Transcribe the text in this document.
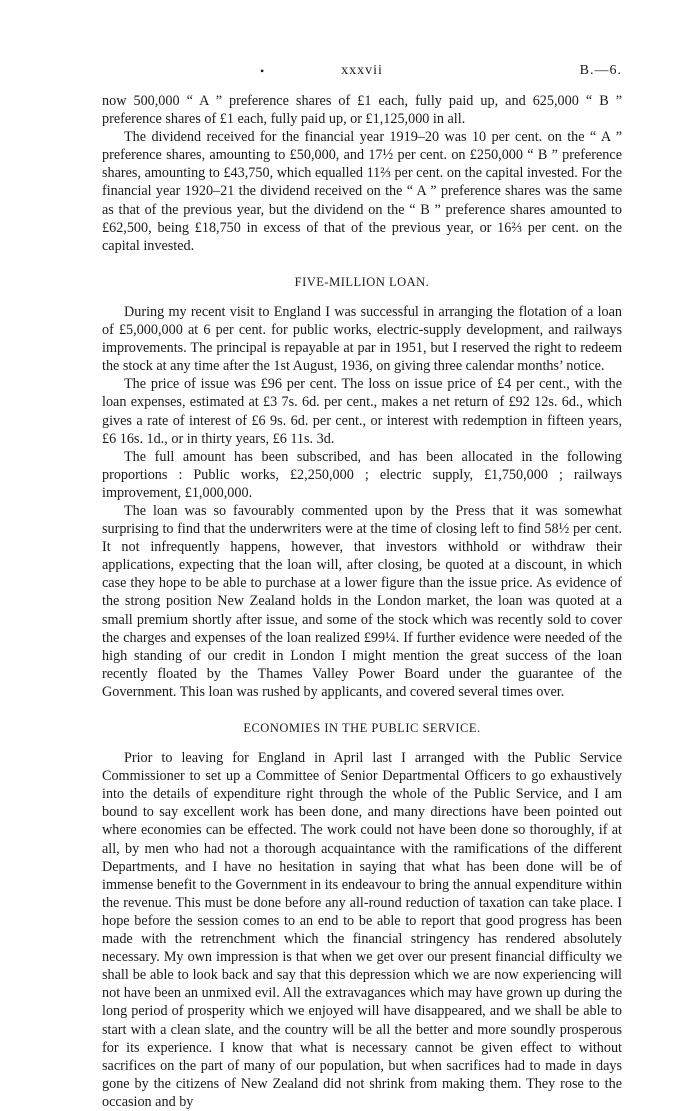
•	xxxvii	B.—6.

now 500,000 “ A ” preference shares of £1 each, fully paid up, and 625,000 “ B ” preference shares of £1 each, fully paid up, or £1,125,000 in all.

The dividend received for the financial year 1919–20 was 10 per cent. on the “ A ” preference shares, amounting to £50,000, and 17½ per cent. on £250,000 “ B ” preference shares, amounting to £43,750, which equalled 11⅔ per cent. on the capital invested. For the financial year 1920–21 the dividend received on the “ A ” preference shares was the same as that of the previous year, but the dividend on the “ B ” preference shares amounted to £62,500, being £18,750 in excess of that of the previous year, or 16⅔ per cent. on the capital invested.

FIVE-MILLION LOAN.

During my recent visit to England I was successful in arranging the flotation of a loan of £5,000,000 at 6 per cent. for public works, electric-supply development, and railways improvements. The principal is repayable at par in 1951, but I reserved the right to redeem the stock at any time after the 1st August, 1936, on giving three calendar months’ notice.

The price of issue was £96 per cent. The loss on issue price of £4 per cent., with the loan expenses, estimated at £3 7s. 6d. per cent., makes a net return of £92 12s. 6d., which gives a rate of interest of £6 9s. 6d. per cent., or interest with redemption in fifteen years, £6 16s. 1d., or in thirty years, £6 11s. 3d.

The full amount has been subscribed, and has been allocated in the following proportions : Public works, £2,250,000 ; electric supply, £1,750,000 ; railways improvement, £1,000,000.

The loan was so favourably commented upon by the Press that it was somewhat surprising to find that the underwriters were at the time of closing left to find 58½ per cent. It not infrequently happens, however, that investors withhold or withdraw their applications, expecting that the loan will, after closing, be quoted at a discount, in which case they hope to be able to purchase at a lower figure than the issue price. As evidence of the strong position New Zealand holds in the London market, the loan was quoted at a small premium shortly after issue, and some of the stock which was recently sold to cover the charges and expenses of the loan realized £99¼. If further evidence were needed of the high standing of our credit in London I might mention the great success of the loan recently floated by the Thames Valley Power Board under the guarantee of the Government. This loan was rushed by applicants, and covered several times over.

ECONOMIES IN THE PUBLIC SERVICE.

Prior to leaving for England in April last I arranged with the Public Service Commissioner to set up a Committee of Senior Departmental Officers to go exhaustively into the details of expenditure right through the whole of the Public Service, and I am bound to say excellent work has been done, and many directions have been pointed out where economies can be effected. The work could not have been done so thoroughly, if at all, by men who had not a thorough acquaintance with the ramifications of the different Departments, and I have no hesitation in saying that what has been done will be of immense benefit to the Government in its endeavour to bring the annual expenditure within the revenue. This must be done before any all-round reduction of taxation can take place. I hope before the session comes to an end to be able to report that good progress has been made with the retrenchment which the financial stringency has rendered absolutely necessary. My own impression is that when we get over our present financial difficulty we shall be able to look back and say that this depression which we are now experiencing will not have been an unmixed evil. All the extravagances which may have grown up during the long period of prosperity which we enjoyed will have disappeared, and we shall be able to start with a clean slate, and the country will be all the better and more soundly prosperous for its experience. I know that what is necessary cannot be given effect to without sacrifices on the part of many of our population, but when sacrifices had to made in days gone by the citizens of New Zealand did not shrink from making them. They rose to the occasion and by
